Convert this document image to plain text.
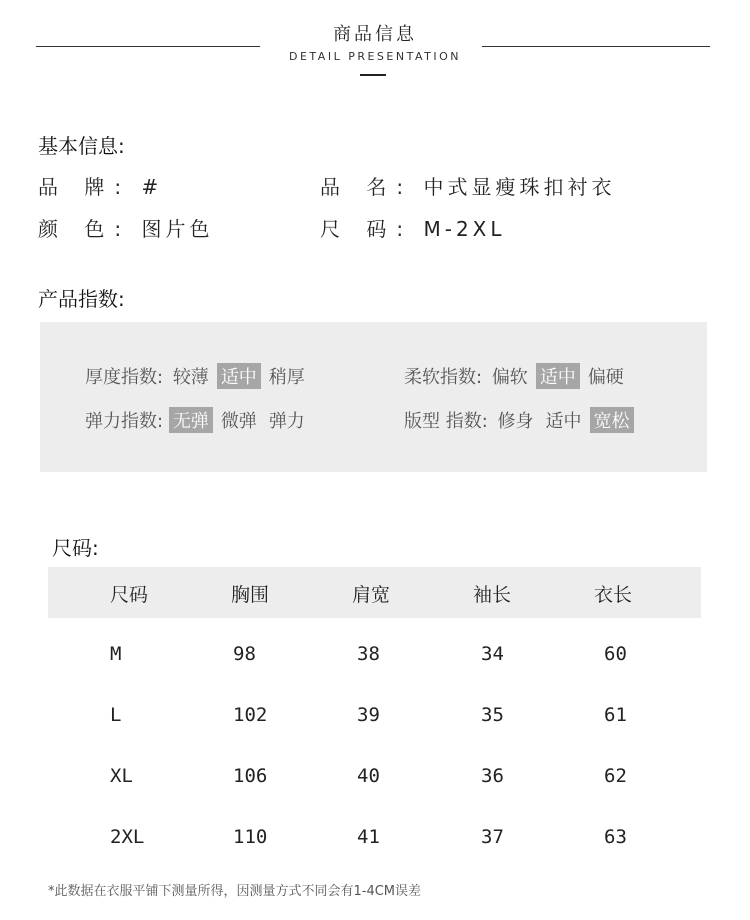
商品信息
DETAIL PRESENTATION
基本信息:
品 牌: #	品 名: 中式显瘦珠扣衬衣
颜 色: 图片色	尺 码: M-2XL
产品指数:
厚度指数: 较薄 适中 稍厚	柔软指数: 偏软 适中 偏硬
弹力指数: 无弹 微弹 弹力	版型 指数: 修身 适中 宽松
尺码:
尺码	胸围	肩宽	袖长	衣长
M	98	38	34	60
L	102	39	35	61
XL	106	40	36	62
2XL	110	41	37	63
*此数据在衣服平铺下测量所得，因测量方式不同会有1-4CM误差
